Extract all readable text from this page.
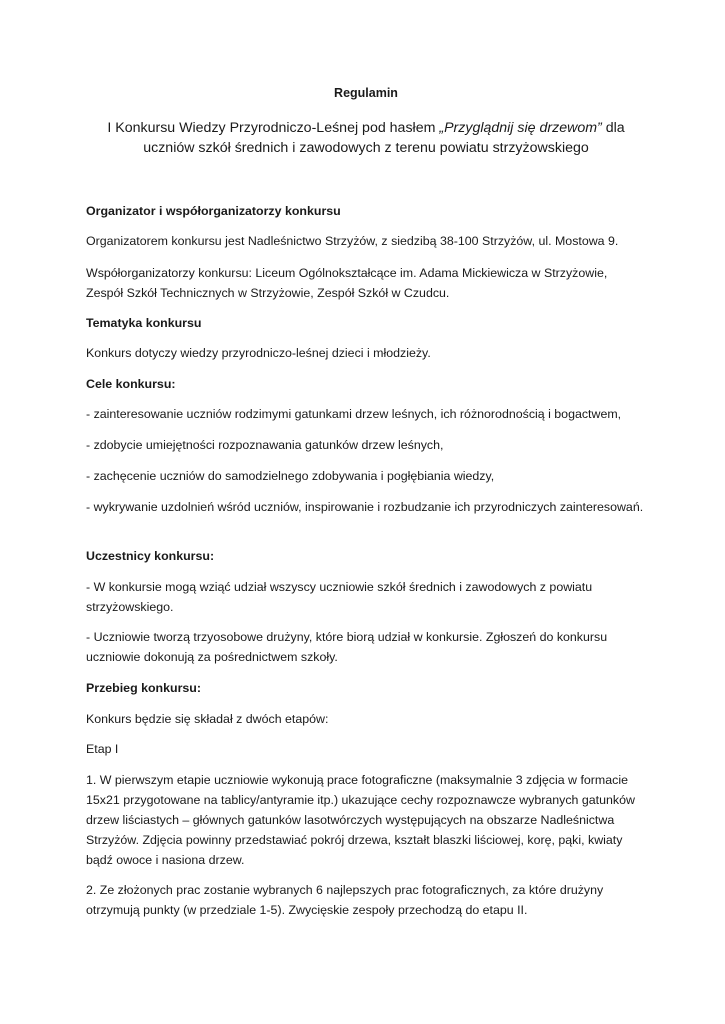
Regulamin

I Konkursu Wiedzy Przyrodniczo-Leśnej pod hasłem „Przyglądnij się drzewom” dla uczniów szkół średnich i zawodowych z terenu powiatu strzyżowskiego

Organizator i współorganizatorzy konkursu

Organizatorem konkursu jest Nadleśnictwo Strzyżów, z siedzibą 38-100 Strzyżów, ul. Mostowa 9.

Współorganizatorzy konkursu: Liceum Ogólnokształcące im. Adama Mickiewicza w Strzyżowie, Zespół Szkół Technicznych w Strzyżowie, Zespół Szkół w Czudcu.

Tematyka konkursu

Konkurs dotyczy wiedzy przyrodniczo-leśnej dzieci i młodzieży.

Cele konkursu:

- zainteresowanie uczniów rodzimymi gatunkami drzew leśnych, ich różnorodnością i bogactwem,

- zdobycie umiejętności rozpoznawania gatunków drzew leśnych,

- zachęcenie uczniów do samodzielnego zdobywania i pogłębiania wiedzy,

- wykrywanie uzdolnień wśród uczniów, inspirowanie i rozbudzanie ich przyrodniczych zainteresowań.

Uczestnicy konkursu:

- W konkursie mogą wziąć udział wszyscy uczniowie szkół średnich i zawodowych z powiatu strzyżowskiego.

- Uczniowie tworzą trzyosobowe drużyny, które biorą udział w konkursie. Zgłoszeń do konkursu uczniowie dokonują za pośrednictwem szkoły.

Przebieg konkursu:

Konkurs będzie się składał z dwóch etapów:

Etap I

1. W pierwszym etapie uczniowie wykonują prace fotograficzne (maksymalnie 3 zdjęcia w formacie 15x21 przygotowane na tablicy/antyramie itp.) ukazujące cechy rozpoznawcze wybranych gatunków drzew liściastych – głównych gatunków lasotwórczych występujących na obszarze Nadleśnictwa Strzyżów. Zdjęcia powinny przedstawiać pokrój drzewa, kształt blaszki liściowej, korę, pąki, kwiaty bądź owoce i nasiona drzew.

2. Ze złożonych prac zostanie wybranych 6 najlepszych prac fotograficznych, za które drużyny otrzymują punkty (w przedziale 1-5). Zwycięskie zespoły przechodzą do etapu II.
